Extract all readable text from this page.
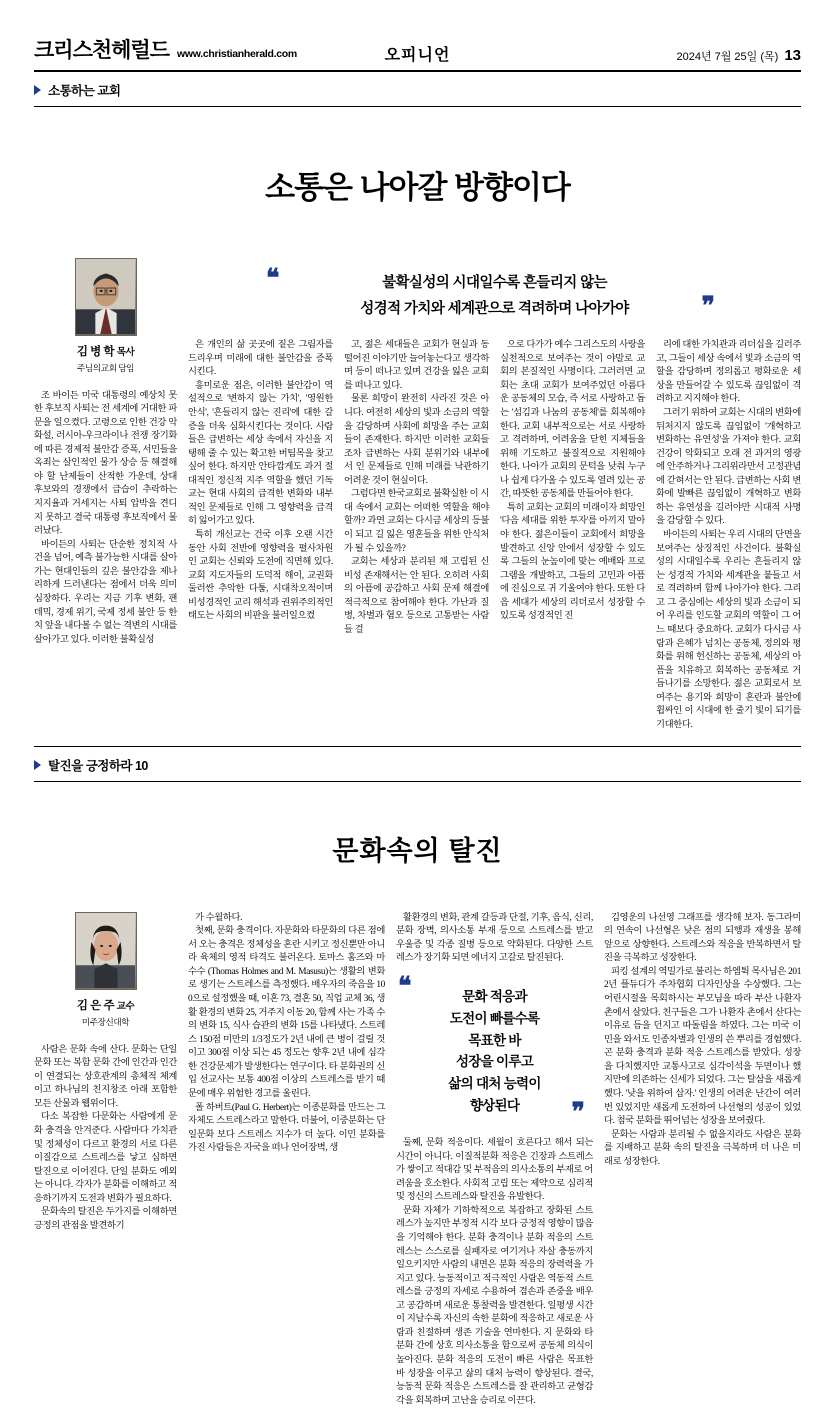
크리스천헤럴드 www.christianherald.com	2024년 7월 25일 (목) 13
오피니언
소통하는 교회
소통은 나아갈 방향이다
김 병 학 목사
주님의교회 담임

조 바이든 미국 대통령의 예상치 못한 후보직 사퇴는 전 세계에 거대한 파문을 일으켰다. 고령으로 인한 건강 악화설, 러시아-우크라이나 전쟁 장기화에 따른 경제적 불안감 증폭, 서민들을 옥죄는 살인적인 물가 상승 등 해결해야 할 난제들이 산적한 가운데, 상대 후보와의 경쟁에서 급습이 추락하는 지지율과 거세지는 사퇴 압박을 견디지 못하고 결국 대통령 후보직에서 물러났다.

바이든의 사퇴는 단순한 정치적 사건을 넘어, 예측 불가능한 시대를 살아가는 현대인들의 깊은 불안감을 제나리하게 드러낸다는 점에서 더욱 의미심장하다. 우리는 지금 기후 변화, 팬데믹, 경제 위기, 국제 정세 불안 등 한 치 앞을 내다볼 수 없는 격변의 시대를 살아가고 있다. 이러한 불확실성

은 개인의 삶 곳곳에 짙은 그림자를 드리우며 미래에 대한 불안감을 증폭시킨다.

흥미로운 점은, 이러한 불안감이 역설적으로 '변하지 않는 가치', '영원한 안식', '흔들리지 않는 진리'에 대한 갈증을 더욱 심화시킨다는 것이다. 사람들은 급변하는 세상 속에서 자신을 지탱해 줄 수 있는 확고한 버팀목을 찾고 싶어 한다. 하지만 안타깝게도 과거 절대적인 정신적 지주 역할을 했던 기독교는 현대 사회의 급격한 변화와 내부적인 문제들로 인해 그 영향력을 급격히 잃어가고 있다.

특히 개신교는 건국 이후 오랜 시간 동안 사회 전반에 영향력을 펼사차원인 교회는 신뢰와 도전에 직면해 있다. 교회 지도자들의 도덕적 해이, 교권화 둘러싼 추악한 다툼, 시대착오적이며 비성경적인 교리 해석과 권위주의적인 태도는 사회의 비판을 불러일으켰

고, 젊은 세대들은 교회가 현실과 동떨어진 이야기만 늘어놓는다고 생각하며 등이 떠나고 있며 건강을 잃은 교회를 떠나고 있다.

물론 희망이 완전히 사라진 것은 아니다. 여전히 세상의 빛과 소금의 역할을 감당하며 사회에 희망을 주는 교회들이 존재한다. 하지만 이러한 교회들조차 급변하는 사회 분위기와 내부에서 인 문제들로 인해 미래를 낙관하기 어려운 것이 현실이다.

그럼다면 한국교회로 불확실한 이 시대 속에서 교회는 어떠한 역할을 해야 할까? 과연 교회는 다시금 세상의 등불이 되고 길 잃은 영혼들을 위한 안식처가 될 수 있을까?

교회는 세상과 분리된 채 고립된 신비성 존재해서는 안 된다. 오히려 사회의 아픔에 공감하고 사회 문제 해결에 적극적으로 참여해야 한다. 가난과 질병, 차별과 혐오 등으로 고통받는 사람들 걸

으로 다가가 예수 그리스도의 사랑을 실천적으로 보여주는 것이 야말로 교회의 본질적인 사명이다. 그러러면 교회는 초대 교회가 보여주었던 아름다운 공동체의 모습, 즉 서로 사랑하고 돕는 '섬김과 나눔의 공동체'를 회복해야 한다. 교회 내부적으로는 서로 사랑하고 격려하며, 어려움을 닫힌 지체들을 위해 기도하고 불질적으로 지원해야 한다. 나아가 교회의 문턱을 낮춰 누구나 쉽게 다가올 수 있도록 열려 있는 공간, 따뜻한 공동체를 만들어야 한다.

특히 교회는 교회의 미래이자 희망인 '다음 세대를 위한 투자'를 아끼지 말아야 한다. 젊은이들이 교회에서 희망을 발견하고 신앙 안에서 성장할 수 있도록 그들의 눈높이에 맞는 예배와 프로그램을 개발하고, 그들의 고민과 아픔에 진심으로 귀 기울여야 한다. 또한 다음 세대가 세상의 리더로서 성장할 수 있도록 성경적인 진

리에 대한 가치관과 리더십을 길러주고, 그들이 세상 속에서 빛과 소금의 역할을 감당하며 정의롭고 평화로운 세상을 만들어갈 수 있도록 끊임없이 격려하고 지지해야 한다.

그러기 위하여 교회는 시대의 변화에 뒤처지지 않도록 끊임없이 '개혁하고 변화하는 유연성'을 가져야 한다. 교회 건강이 악화되고 오래 전 과거의 영광에 안주하거나 그리위라만서 고정관념에 갇혀서는 안 된다. 급변하는 사회 변화에 발빠른 끊임없이 개혁하고 변화하는 유연성을 길러야만 시대적 사명을 감당할 수 있다.

바이든의 사퇴는 우리 시대의 단면을 보여주는 상징적인 사건이다. 불확실성의 시대일수록 우리는 흔들리지 않는 성경적 가치와 세계관을 붙들고 서로 격려하며 함께 나아가야 한다. 그리고 그 중심에는 세상의 빛과 소금이 되어 우리를 인도할 교회의 역할이 그 어느 때보다 중요하다. 교회가 다시금 사람과 은혜가 넘치는 공동체, 정의와 평화를 위해 헌신하는 공동체, 세상의 아픔을 치유하고 회복하는 공동체로 거듭나기를 소망한다. 젊은 교회로서 보여주는 용기와 희망이 혼란과 불안에 휩싸인 이 시대에 한 줄기 빛이 되기를 기대한다.

❝	불확실성의 시대일수록 흔들리지 않는
성경적 가치와 세계관으로 격려하며 나아가야	❞
탈진을 긍정하라 10
문화속의 탈진
김 은 주 교수
미주장신대학

사람은 문화 속에 산다. 문화는 단일 문화 또는 복함 문화 간에 인간과 인간이 연결되는 상호관계의 총체적 체계이고 하나님의 친지창조 아래 포함한 모든 산물과 웹위이다.

다소 복잡한 다문화는 사람에게 문화 충격을 안겨준다. 사람마다 가치관 및 정체성이 다르고 환경의 서로 다른 이질감으로 스트레스를 낳고 심하면 탈진으로 이어진다. 단일 분화도 예외는 아니다. 각자가 분화를 이해하고 적응하기까지 도전과 변화가 필요하다.

문화속의 탈진은 두가지를 이해하면 긍정의 관점을 발견하기

가 수월하다.

첫째, 문화 충격이다. 자문화와 타문화의 다른 점에서 오는 충격은 정체성을 혼란 시키고 정신뿐만 아니라 육체의 영적 타격도 불러온다. 토마스 홈즈와 마수수 (Thomas Holmes and M. Masusu)는 생활의 변화로 생기는 스트레스를 측정했다. 배우자의 죽음을 100으로 설정했을 때, 이혼 73, 결혼 50, 직업 교체 36, 생활 환경의 변화 25, 거주지 이동 20, 함께 사는 가족 수의 변화 15, 식사 습관의 변화 15를 나타냈다. 스트레스 150점 미만의 1/3정도가 2년 내에 큰 병이 걸릴 것이고 300점 이상 되는 45 정도는 향후 2년 내에 심각한 건강문제가 발생한다는 연구이다. 타 분화권의 신입 선교사는 보통 400점 이상의 스트레스를 받기 때문에 매우 위험한 경고를 울린다.

폴 하버트(Paul G. Herbert)는 이종분화를 만드는 그 자체도 스트레스라고 말한다. 더불어, 이중분화는 단일문화 보다 스트레스 지수가 더 높다. 이민 분화를 가진 사람들은 자국을 떠나 언어장벽, 생

활환경의 변화, 관계 갈등과 단절, 기후, 음식, 신리, 분화 장벽, 의사소통 부재 등으로 스트레스를 받고 우울증 및 각종 질병 등으로 약화된다. 다양한 스트레스가 장기화 되면 에너지 고갈로 탈진된다.

❝	문화 적응과
도전이 빠를수록
목표한 바
성장을 이루고
삶의 대처 능력이
향상된다	❞

둘째, 문화 적응이다. 세월이 흐른다고 해서 되는 시간이 아니다. 이질적분화 적응은 긴장과 스트레스가 쌓이고 적대감 및 부적음의 의사소통의 부재로 어려움을 호소한다. 사회적 고립 또는 제약으로 심리적 및 정신의 스트레스와 탈진을 유발한다.

문화 자체가 기하학적으로 복잡하고 장화된 스트레스가 높지만 부정적 시각 보다 긍정적 영향이 많음을 기억해야 한다. 분화 충격이나 분화 적응의 스트레스는 스스로를 실패자로 여기거나 자살 충동까지 일으키지만 사람의 내면은 분화 적응의 장력력을 가지고 있다. 능동적이고 적극적인 사람은 역동적 스트레스를 긍정의 자세로 수용하여 겸손과 존중을 배우고 공감하며 새로운 통찰력을 발견한다. 일평생 시간이 지날수록 자신의 속한 분화에 적응하고 새로운 사람과 친절하며 생존 기술을 연마한다. 지 문화와 타 분화 간에 상호 의사소통을 함으로써 공동체 의식이 높아진다. 분화 적응의 도전이 빠른 사람은 목표한 바 성장을 이루고 삶의 대처 능력이 향상된다. 결국, 능동적 문화 적응은 스트레스를 잘 관리하고 균형감각을 회복하며 고난을 승리로 이끈다.

김영운의 나선영 그래프를 생각해 보자. 동그라미의 연속이 나선형은 낮은 점의 되행과 재생을 봉해 앞으로 상향한다. 스트레스와 적응을 반복하면서 탈진을 극복하고 성장한다.

피킹 설계의 역밀가로 불리는 하엠튁 목사님은 2012년 플듀디가 주차협회 디자인상을 수상했다. 그는 어린시절을 목회하시는 부모님을 따라 부산 나환자촌에서 살았다. 친구들은 그가 나환자 촌에서 산다는 이유로 듬을 던지고 따돌림을 하였다. 그는 미국 이민을 와서도 인종차별과 인생의 쓴 뿌리를 경험했다. 곤 분화 충격과 분화 적응 스트레스를 받았다. 성장을 다치했지만 교통사고로 심각이석을 두면이나 했지만에 의존하는 신세가 되었다. 그는 탈삼을 새롭게 했다. '낮을 위하여 삽자.' 인생의 어려운 난간이 여러 번 있었지만 새롭게 도전하여 나선형의 성공이 있었다. 첨국 분화를 뛰어넘는 성장을 보여줬다.

문화는 사람과 분리될 수 없을지라도 사람은 분화를 지배하고 분화 속의 탈진을 극복하며 더 나은 미래로 성장한다.
